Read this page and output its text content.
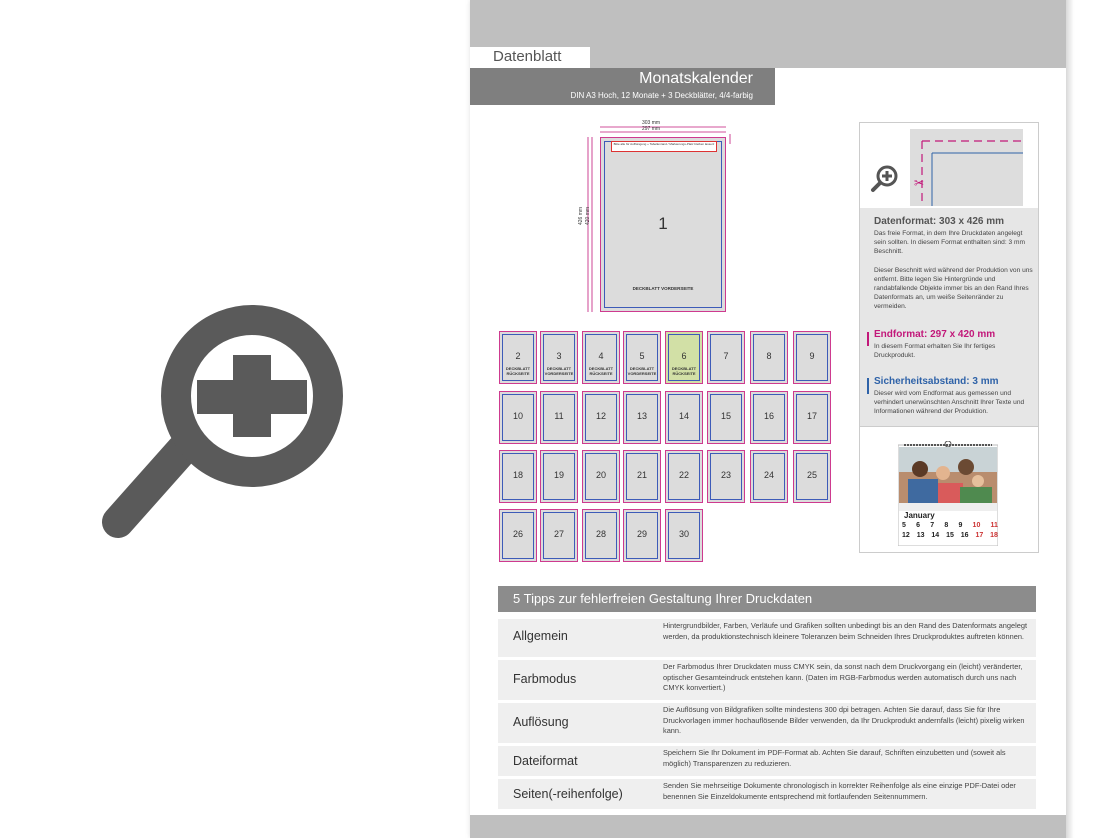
Datenblatt
Monatskalender
DIN A3 Hoch, 12 Monate + 3 Deckblätter, 4/4-farbig
303 mm
297 mm
426 mm 420 mm
Bitte alle für Aufhängung + Tabellenrand / Markierungs-Platz bleiben lassen!
1
DECKBLATT VORDERSEITE
2
DECKBLATT RÜCKSEITE
3
DECKBLATT VORDERSEITE
4
DECKBLATT RÜCKSEITE
5
DECKBLATT VORDERSEITE
6
DECKBLATT RÜCKSEITE
7	8	9
10	11	12	13	14	15	16	17
18	19	20	21	22	23	24	25
26	27	28	29	30
✂
Datenformat: 303 x 426 mm
Das freie Format, in dem Ihre Druckdaten angelegt sein sollten. In diesem Format enthalten sind: 3 mm Beschnitt.
Dieser Beschnitt wird während der Produktion von uns entfernt. Bitte legen Sie Hintergründe und randabfallende Objekte immer bis an den Rand Ihres Datenformats an, um weiße Seitenränder zu vermeiden.
Endformat: 297 x 420 mm
In diesem Format erhalten Sie Ihr fertiges Druckprodukt.
Sicherheitsabstand: 3 mm
Dieser wird vom Endformat aus gemessen und verhindert unerwünschten Anschnitt Ihrer Texte und Informationen während der Produktion.
January
5 6 7 8 9 10 11
12 13 14 15 16 17 18
5 Tipps zur fehlerfreien Gestaltung Ihrer Druckdaten
Allgemein
Hintergrundbilder, Farben, Verläufe und Grafiken sollten unbedingt bis an den Rand des Datenformats angelegt werden, da produktionstechnisch kleinere Toleranzen beim Schneiden Ihres Druckproduktes auftreten können.
Farbmodus
Der Farbmodus Ihrer Druckdaten muss CMYK sein, da sonst nach dem Druckvorgang ein (leicht) veränderter, optischer Gesamteindruck entstehen kann. (Daten im RGB-Farbmodus werden automatisch durch uns nach CMYK konvertiert.)
Auflösung
Die Auflösung von Bildgrafiken sollte mindestens 300 dpi betragen. Achten Sie darauf, dass Sie für Ihre Druckvorlagen immer hochauflösende Bilder verwenden, da Ihr Druckprodukt andernfalls (leicht) pixelig wirken kann.
Dateiformat
Speichern Sie Ihr Dokument im PDF-Format ab. Achten Sie darauf, Schriften einzubetten und (soweit als möglich) Transparenzen zu reduzieren.
Seiten(-reihenfolge)
Senden Sie mehrseitige Dokumente chronologisch in korrekter Reihenfolge als eine einzige PDF-Datei oder benennen Sie Einzeldokumente entsprechend mit fortlaufenden Seitennummern.
